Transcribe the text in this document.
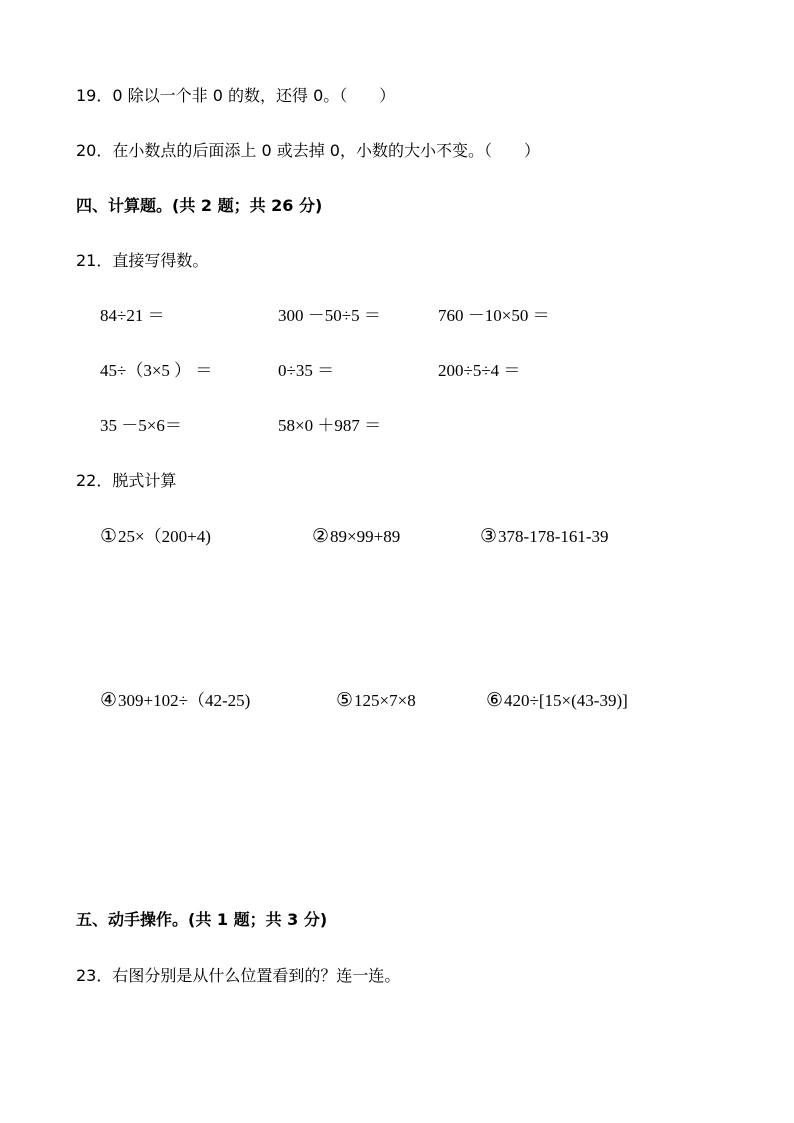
19．0 除以一个非 0 的数，还得 0。（　　）
20．在小数点的后面添上 0 或去掉 0，小数的大小不变。（　　）
四、计算题。(共 2 题；共 26 分)
21．直接写得数。
84÷21 ＝	300 －50÷5 ＝	760 －10×50 ＝
45÷（3×5 ） ＝	0÷35 ＝	200÷5÷4 ＝
35 －5×6＝	58×0 ＋987 ＝
22．脱式计算
①25×（200+4)	②89×99+89	③378-178-161-39
④309+102÷（42-25)	⑤125×7×8	⑥420÷[15×(43-39)]
五、动手操作。(共 1 题；共 3 分)
23．右图分别是从什么位置看到的？连一连。
